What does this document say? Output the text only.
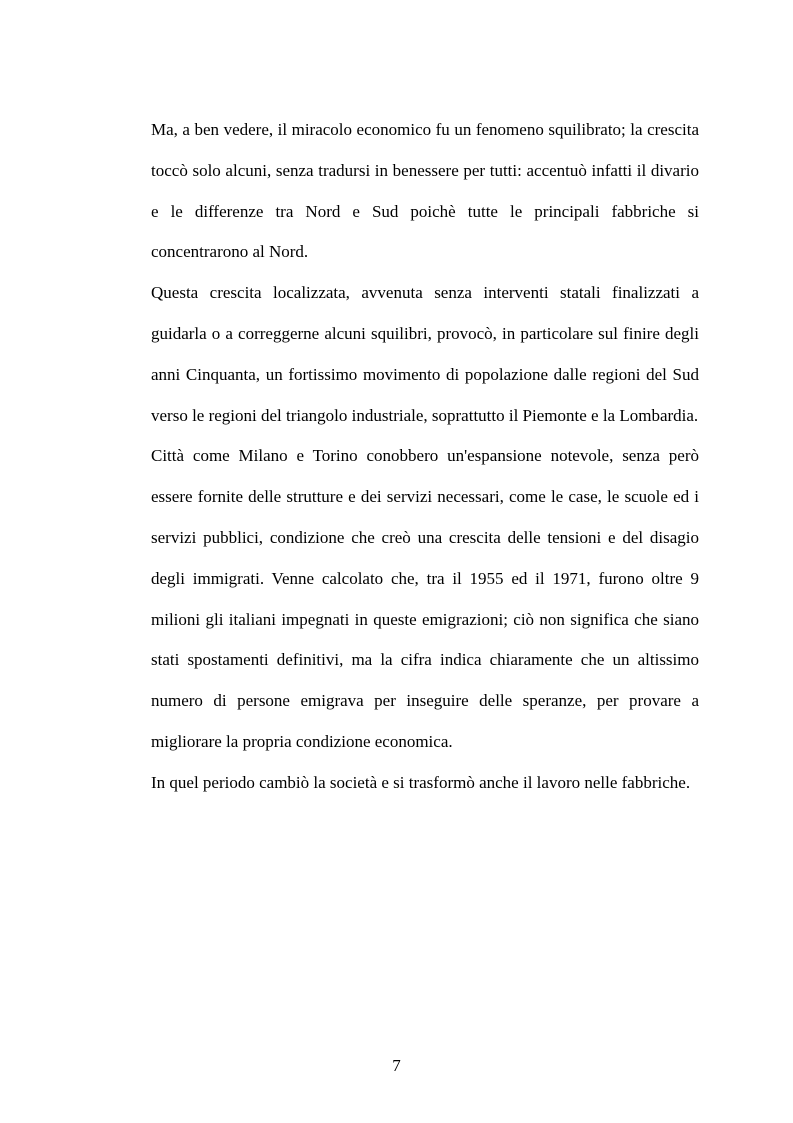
Ma, a ben vedere, il miracolo economico fu un fenomeno squilibrato; la crescita toccò solo alcuni, senza tradursi in benessere per tutti: accentuò infatti il divario e le differenze tra Nord e Sud poichè tutte le principali fabbriche si concentrarono al Nord.

Questa crescita localizzata, avvenuta senza interventi statali finalizzati a guidarla o a correggerne alcuni squilibri, provocò, in particolare sul finire degli anni Cinquanta, un fortissimo movimento di popolazione dalle regioni del Sud verso le regioni del triangolo industriale, soprattutto il Piemonte e la Lombardia.

Città come Milano e Torino conobbero un'espansione notevole, senza però essere fornite delle strutture e dei servizi necessari, come le case, le scuole ed i servizi pubblici, condizione che creò una crescita delle tensioni e del disagio degli immigrati. Venne calcolato che, tra il 1955 ed il 1971, furono oltre 9 milioni gli italiani impegnati in queste emigrazioni; ciò non significa che siano stati spostamenti definitivi, ma la cifra indica chiaramente che un altissimo numero di persone emigrava per inseguire delle speranze, per provare a migliorare la propria condizione economica.

In quel periodo cambiò la società e si trasformò anche il lavoro nelle fabbriche.

7
